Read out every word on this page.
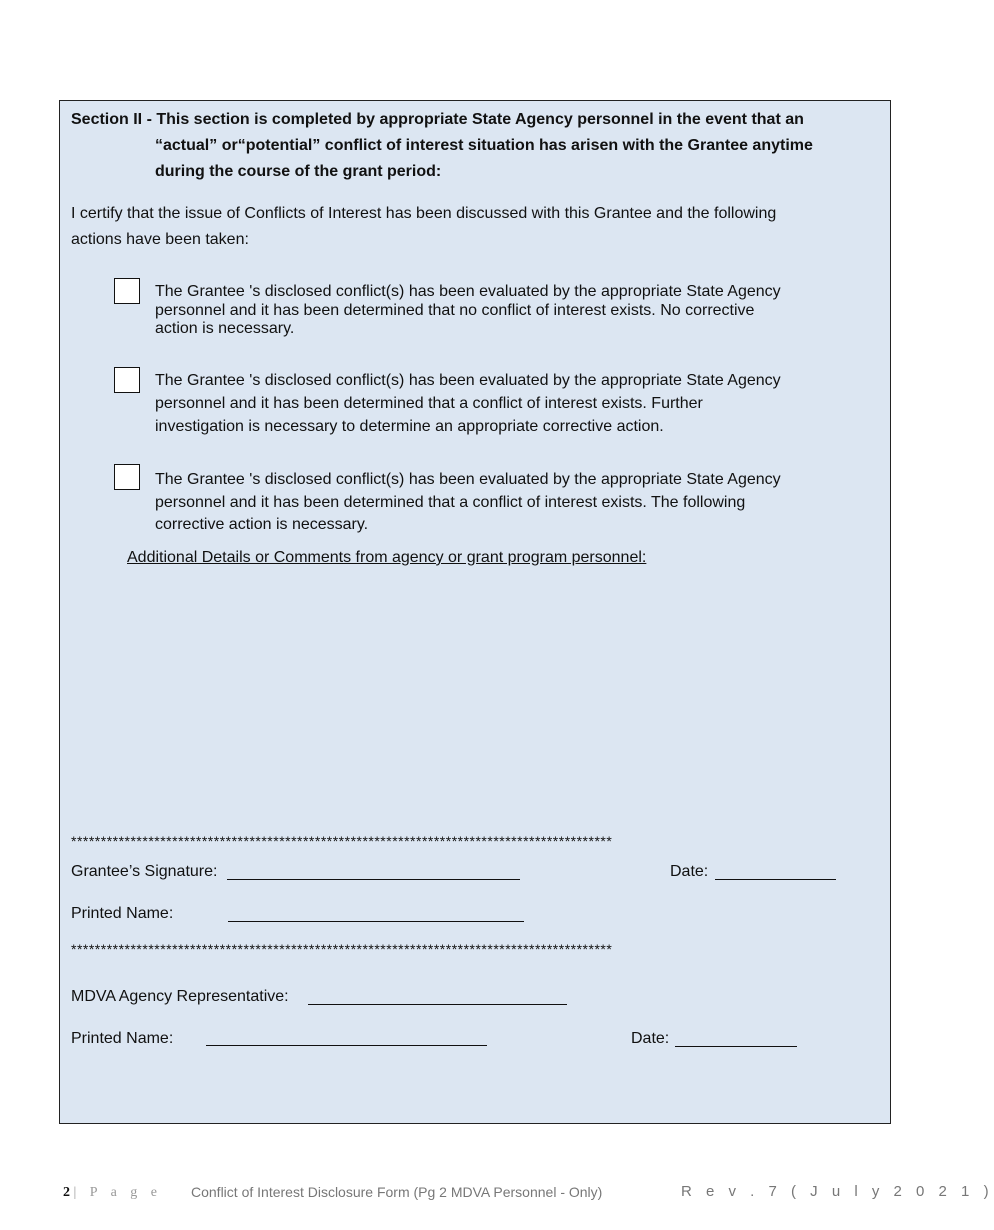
Section II - This section is completed by appropriate State Agency personnel in the event that an
“actual” or“potential” conflict of interest situation has arisen with the Grantee anytime
during the course of the grant period:
I certify that the issue of Conflicts of Interest has been discussed with this Grantee and the following
actions have been taken:
The Grantee 's disclosed conflict(s) has been evaluated by the appropriate State Agency
personnel and it has been determined that no conflict of interest exists. No corrective
action is necessary.
The Grantee 's disclosed conflict(s) has been evaluated by the appropriate State Agency
personnel and it has been determined that a conflict of interest exists. Further
investigation is necessary to determine an appropriate corrective action.
The Grantee 's disclosed conflict(s) has been evaluated by the appropriate State Agency
personnel and it has been determined that a conflict of interest exists. The following
corrective action is necessary.
Additional Details or Comments from agency or grant program personnel:
*******************************************************************************************
Grantee’s Signature:	Date:
Printed Name:
*******************************************************************************************
MDVA Agency Representative:
Printed Name:	Date:
2 | P a g e Conflict of Interest Disclosure Form (Pg 2 MDVA Personnel - Only)	R e v . 7 ( J u l y 2 0 2 1 )
